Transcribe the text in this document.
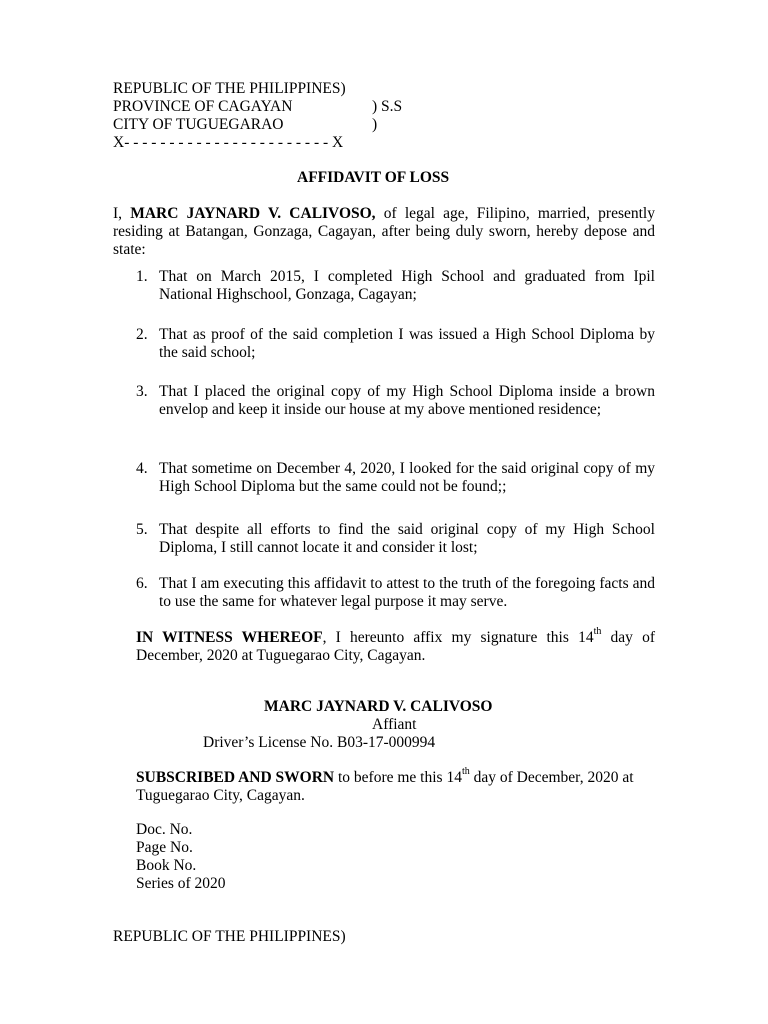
REPUBLIC OF THE PHILIPPINES)
PROVINCE OF CAGAYAN	) S.S
CITY OF TUGUEGARAO	)
X- - - - - - - - - - - - - - - - - - - - - - - X
AFFIDAVIT OF LOSS
I, MARC JAYNARD V. CALIVOSO, of legal age, Filipino, married, presently residing at Batangan, Gonzaga, Cagayan, after being duly sworn, hereby depose and state:
1. That on March 2015, I completed High School and graduated from Ipil National Highschool, Gonzaga, Cagayan;
2. That as proof of the said completion I was issued a High School Diploma by the said school;
3. That I placed the original copy of my High School Diploma inside a brown envelop and keep it inside our house at my above mentioned residence;
4. That sometime on December 4, 2020, I looked for the said original copy of my High School Diploma but the same could not be found;;
5. That despite all efforts to find the said original copy of my High School Diploma, I still cannot locate it and consider it lost;
6. That I am executing this affidavit to attest to the truth of the foregoing facts and to use the same for whatever legal purpose it may serve.
IN WITNESS WHEREOF, I hereunto affix my signature this 14th day of December, 2020 at Tuguegarao City, Cagayan.
MARC JAYNARD V. CALIVOSO
Affiant
Driver’s License No. B03-17-000994
SUBSCRIBED AND SWORN to before me this 14th day of December, 2020 at Tuguegarao City, Cagayan.
Doc. No.
Page No.
Book No.
Series of 2020
REPUBLIC OF THE PHILIPPINES)
